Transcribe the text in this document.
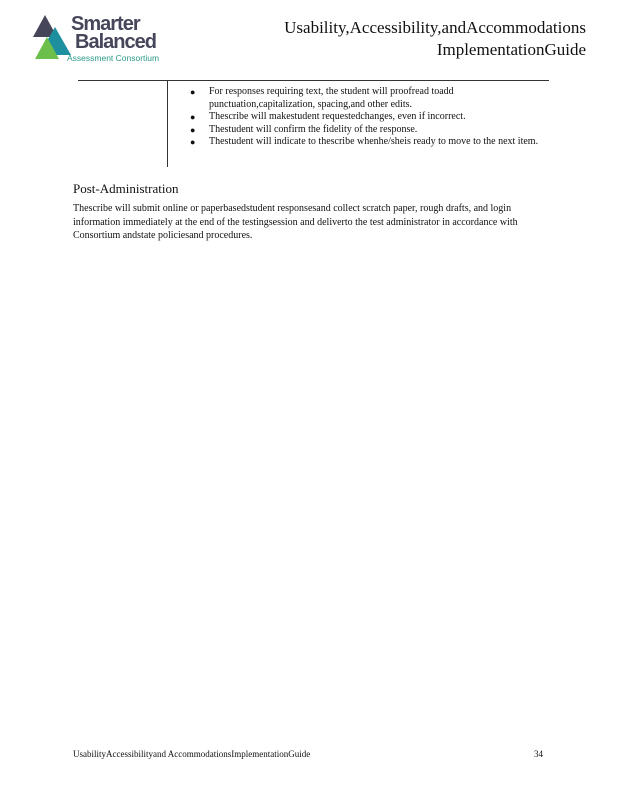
Smarter
Balanced
Assessment Consortium
Usability,Accessibility,andAccommodations
ImplementationGuide
● For responses requiring text, the student will proofread toadd punctuation,capitalization, spacing,and other edits.
● Thescribe will makestudent requestedchanges, even if incorrect.
● Thestudent will confirm the fidelity of the response.
● Thestudent will indicate to thescribe whenhe/sheis ready to move to the next item.
Post-Administration

Thescribe will submit online or paperbasedstudent responsesand collect scratch paper, rough drafts, and login information immediately at the end of the testingsession and deliverto the test administrator in accordance with Consortium andstate policiesand procedures.

UsabilityAccessibilityand AccommodationsImplementationGuide	34
